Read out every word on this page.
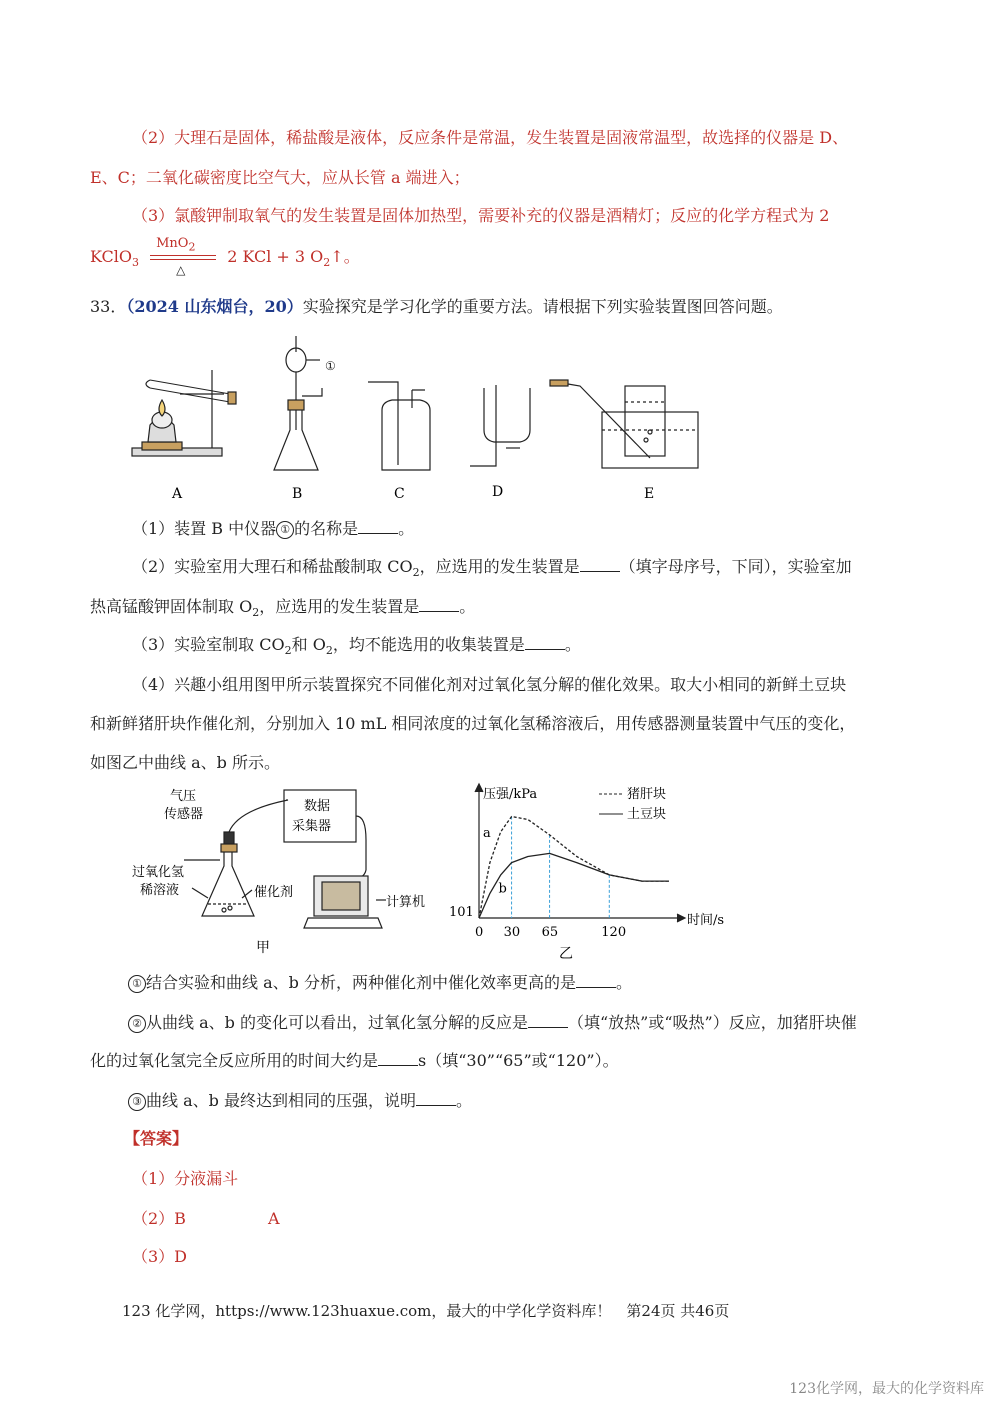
（2）大理石是固体，稀盐酸是液体，反应条件是常温，发生装置是固液常温型，故选择的仪器是 D、
E、C；二氧化碳密度比空气大，应从长管 a 端进入；
（3）氯酸钾制取氧气的发生装置是固体加热型，需要补充的仪器是酒精灯；反应的化学方程式为 2
KClO$_3$
MnO$_2$
△
2 KCl + 3 $O_2↑$。
33．（2024 山东烟台，20）实验探究是学习化学的重要方法。请根据下列实验装置图回答问题。
①
A	B	C	D	E
（1）装置 B 中仪器 ① 的名称是	。
（2）实验室用大理石和稀盐酸制取 $CO_2$，应选用的发生装置是	（填字母序号，下同），实验室加
热高锰酸钾固体制取 $O_2$，应选用的发生装置是	。
（3）实验室制取 $CO_2$和 $O_2$，均不能选用的收集装置是	。
（4）兴趣小组用图甲所示装置探究不同催化剂对过氧化氢分解的催化效果。取大小相同的新鲜土豆块
和新鲜猪肝块作催化剂，分别加入 10 mL 相同浓度的过氧化氢稀溶液后，用传感器测量装置中气压的变化，
如图乙中曲线 a、b 所示。
气压
传感器
数据
采集器
过氧化氢
稀溶液	催化剂
计算机
甲
0 30 65	120
101
压强/kPa
时间/s
猪肝块
土豆块
a
b
乙
① 结合实验和曲线 a、b 分析，两种催化剂中催化效率更高的是	。
② 从曲线 a、b 的变化可以看出，过氧化氢分解的反应是	（填“放热”或“吸热”）反应，加猪肝块催
化的过氧化氢完全反应所用的时间大约是	s（填“30”“65”或“120”）。
③ 曲线 a、b 最终达到相同的压强，说明	。
【答案】
（1）分液漏斗
（2）B	A
（3）D
123 化学网，https://www.123huaxue.com，最大的中学化学资料库！　第24页 共46页
123化学网，最大的化学资料库
